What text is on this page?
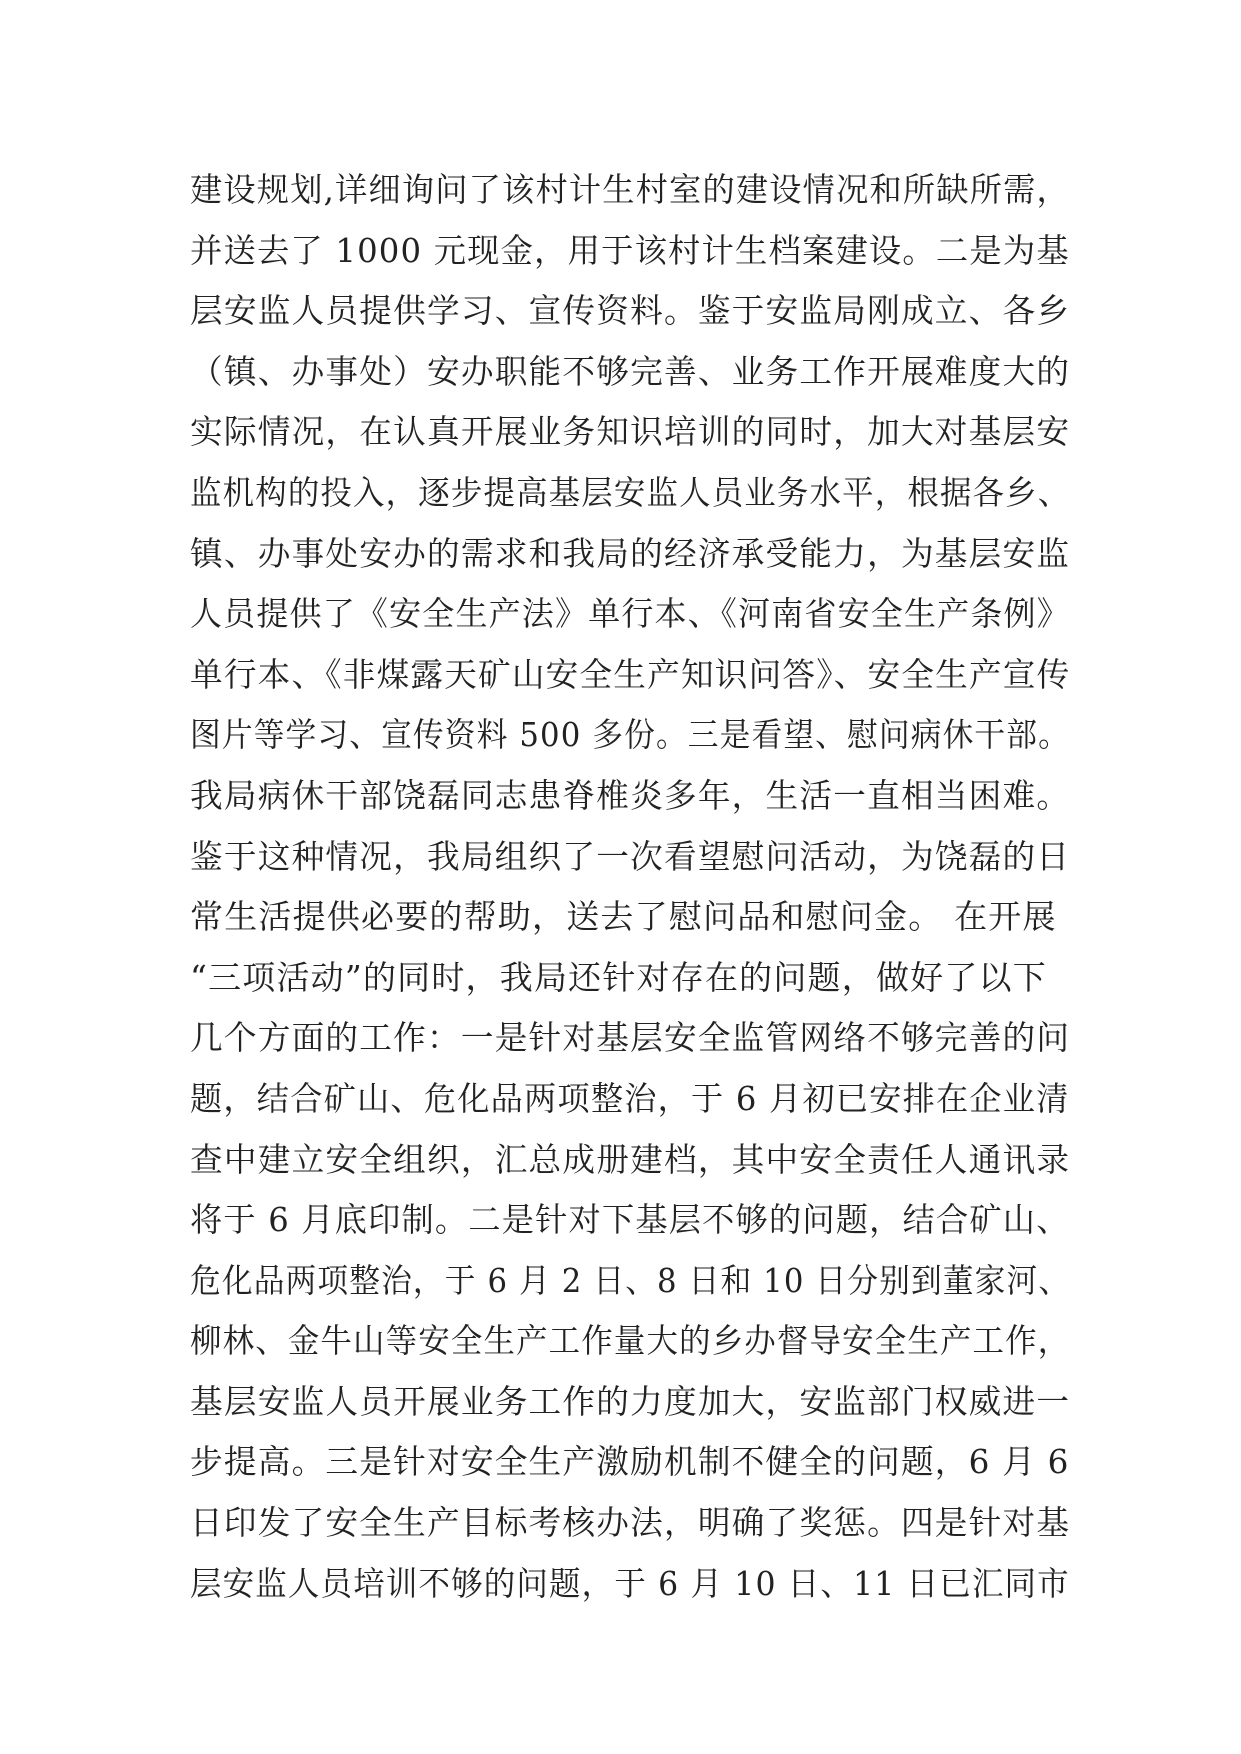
建设规划,详细询问了该村计生村室的建设情况和所缺所需，
并送去了 1000 元现金，用于该村计生档案建设。二是为基
层安监人员提供学习、宣传资料。鉴于安监局刚成立、各乡
（镇、办事处）安办职能不够完善、业务工作开展难度大的
实际情况，在认真开展业务知识培训的同时，加大对基层安
监机构的投入，逐步提高基层安监人员业务水平，根据各乡、
镇、办事处安办的需求和我局的经济承受能力，为基层安监
人员提供了《安全生产法》单行本、《河南省安全生产条例》
单行本、《非煤露天矿山安全生产知识问答》、安全生产宣传
图片等学习、宣传资料 500 多份。三是看望、慰问病休干部。
我局病休干部饶磊同志患脊椎炎多年，生活一直相当困难。
鉴于这种情况，我局组织了一次看望慰问活动，为饶磊的日
常生活提供必要的帮助，送去了慰问品和慰问金。 在开展
“三项活动”的同时，我局还针对存在的问题，做好了以下
几个方面的工作：一是针对基层安全监管网络不够完善的问
题，结合矿山、危化品两项整治，于 6 月初已安排在企业清
查中建立安全组织，汇总成册建档，其中安全责任人通讯录
将于 6 月底印制。二是针对下基层不够的问题，结合矿山、
危化品两项整治，于 6 月 2 日、8 日和 10 日分别到董家河、
柳林、金牛山等安全生产工作量大的乡办督导安全生产工作，
基层安监人员开展业务工作的力度加大，安监部门权威进一
步提高。三是针对安全生产激励机制不健全的问题，6 月 6
日印发了安全生产目标考核办法，明确了奖惩。四是针对基
层安监人员培训不够的问题，于 6 月 10 日、11 日已汇同市
